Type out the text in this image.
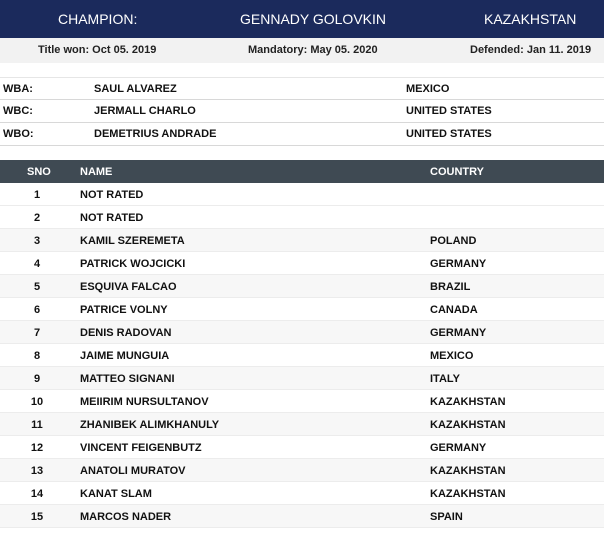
CHAMPION:	GENNADY GOLOVKIN	KAZAKHSTAN
Title won: Oct 05. 2019	Mandatory: May 05. 2020	Defended: Jan 11. 2019
WBA:	SAUL ALVAREZ	MEXICO
WBC:	JERMALL CHARLO	UNITED STATES
WBO:	DEMETRIUS ANDRADE	UNITED STATES
SNO	NAME	COUNTRY
1	NOT RATED
2	NOT RATED
3	KAMIL SZEREMETA	POLAND
4	PATRICK WOJCICKI	GERMANY
5	ESQUIVA FALCAO	BRAZIL
6	PATRICE VOLNY	CANADA
7	DENIS RADOVAN	GERMANY
8	JAIME MUNGUIA	MEXICO
9	MATTEO SIGNANI	ITALY
10	MEIIRIM NURSULTANOV	KAZAKHSTAN
11	ZHANIBEK ALIMKHANULY	KAZAKHSTAN
12	VINCENT FEIGENBUTZ	GERMANY
13	ANATOLI MURATOV	KAZAKHSTAN
14	KANAT SLAM	KAZAKHSTAN
15	MARCOS NADER	SPAIN
